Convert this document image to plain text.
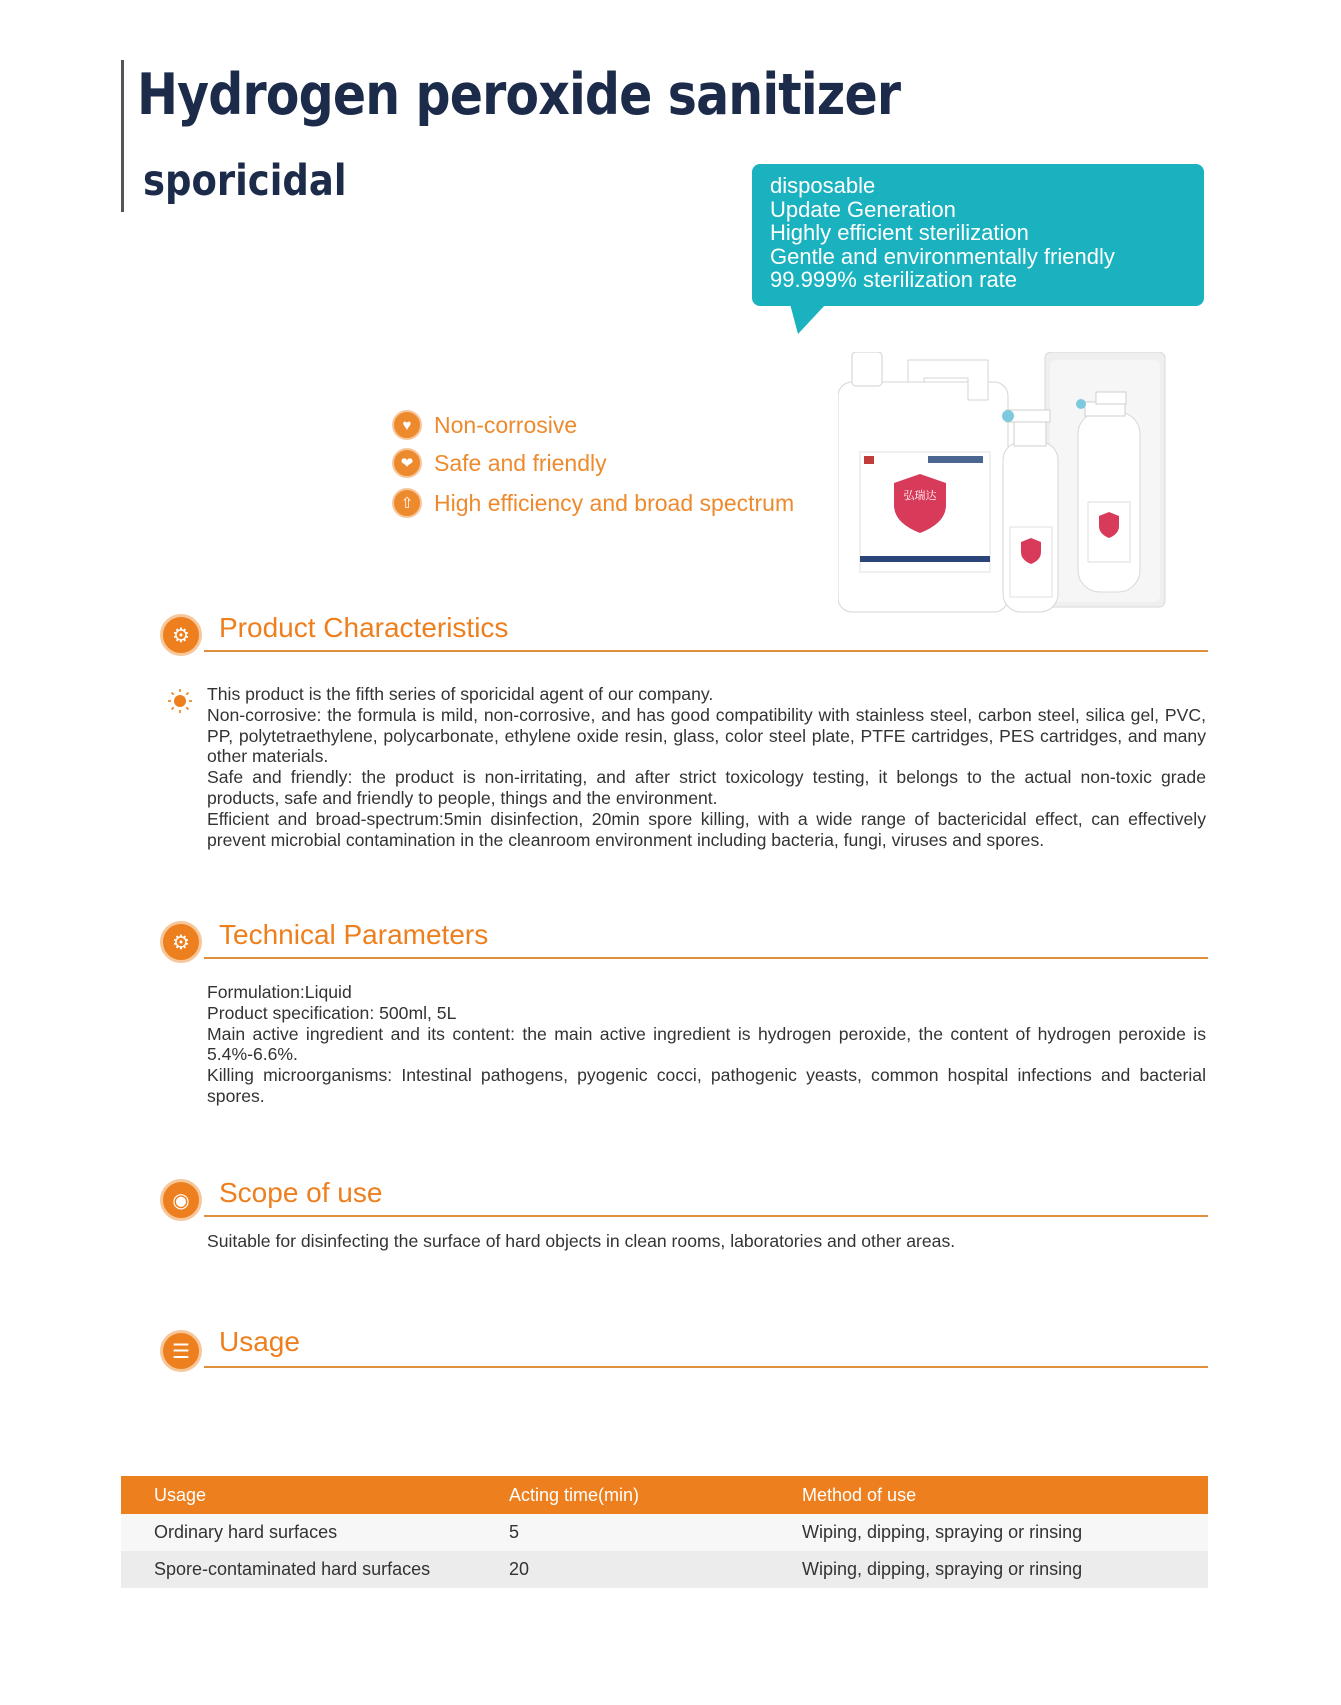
Hydrogen peroxide sanitizer
sporicidal	disposable
Update Generation
Highly efficient sterilization
Gentle and environmentally friendly
99.999% sterilization rate
♥ Non-corrosive
❤ Safe and friendly
⇧ High efficiency and broad spectrum	弘瑞达
⚙	Product Characteristics

This product is the fifth series of sporicidal agent of our company.

Non-corrosive: the formula is mild, non-corrosive, and has good compatibility with stainless steel, carbon steel, silica gel, PVC, PP, polytetraethylene, polycarbonate, ethylene oxide resin, glass, color steel plate, PTFE cartridges, PES cartridges, and many other materials.

Safe and friendly: the product is non-irritating, and after strict toxicology testing, it belongs to the actual non-toxic grade products, safe and friendly to people, things and the environment.

Efficient and broad-spectrum:5min disinfection, 20min spore killing, with a wide range of bactericidal effect, can effectively prevent microbial contamination in the cleanroom environment including bacteria, fungi, viruses and spores.

⚙	Technical Parameters

Formulation:Liquid

Product specification: 500ml, 5L

Main active ingredient and its content: the main active ingredient is hydrogen peroxide, the content of hydrogen peroxide is 5.4%-6.6%.

Killing microorganisms: Intestinal pathogens, pyogenic cocci, pathogenic yeasts, common hospital infections and bacterial spores.

◉	Scope of use
Suitable for disinfecting the surface of hard objects in clean rooms, laboratories and other areas.
☰	Usage
Usage	Acting time(min)	Method of use
Ordinary hard surfaces	5	Wiping, dipping, spraying or rinsing
Spore-contaminated hard surfaces	20	Wiping, dipping, spraying or rinsing
